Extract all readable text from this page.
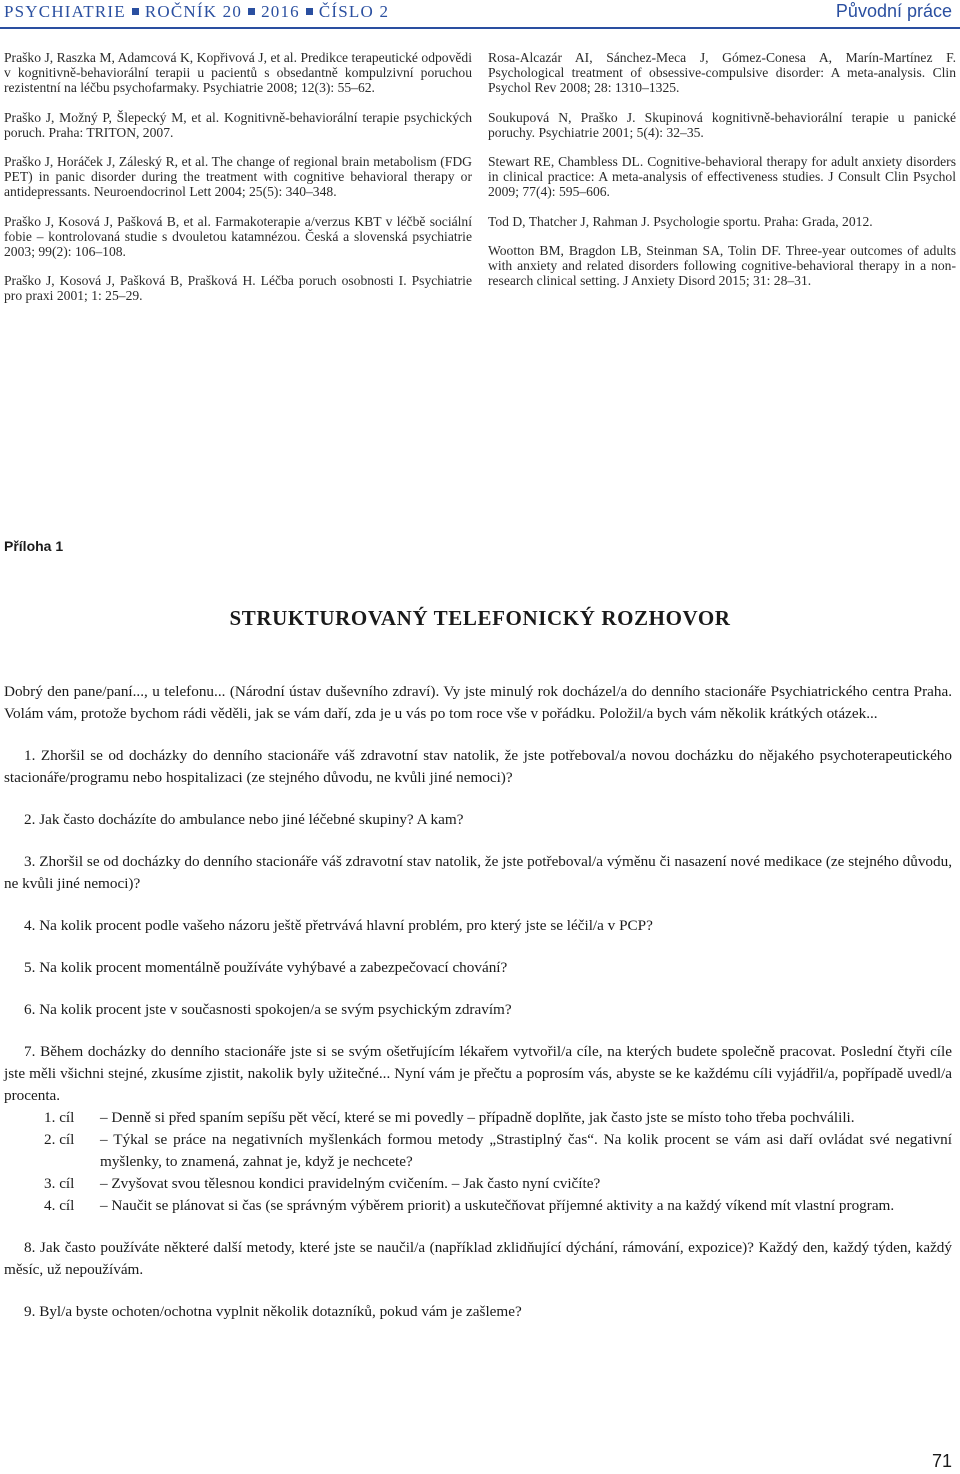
PSYCHIATRIE ROČNÍK 20 2016 ČÍSLO 2	Původní práce

Praško J, Raszka M, Adamcová K, Kopřivová J, et al. Predikce terapeutické odpovědi v kognitivně-behaviorální terapii u pacientů s obsedantně kompulzivní poruchou rezistentní na léčbu psychofarmaky. Psychiatrie 2008; 12(3): 55–62.

Praško J, Možný P, Šlepecký M, et al. Kognitivně-behaviorální terapie psychických poruch. Praha: TRITON, 2007.

Praško J, Horáček J, Záleský R, et al. The change of regional brain metabolism (FDG PET) in panic disorder during the treatment with cognitive behavioral therapy or antidepressants. Neuroendocrinol Lett 2004; 25(5): 340–348.

Praško J, Kosová J, Pašková B, et al. Farmakoterapie a/verzus KBT v léčbě sociální fobie – kontrolovaná studie s dvouletou katamnézou. Česká a slovenská psychiatrie 2003; 99(2): 106–108.

Praško J, Kosová J, Pašková B, Prašková H. Léčba poruch osobnosti I. Psychiatrie pro praxi 2001; 1: 25–29.

Rosa-Alcazár AI, Sánchez-Meca J, Gómez-Conesa A, Marín-Martínez F. Psychological treatment of obsessive-compulsive disorder: A meta-analysis. Clin Psychol Rev 2008; 28: 1310–1325.

Soukupová N, Praško J. Skupinová kognitivně-behaviorální terapie u panické poruchy. Psychiatrie 2001; 5(4): 32–35.

Stewart RE, Chambless DL. Cognitive-behavioral therapy for adult anxiety disorders in clinical practice: A meta-analysis of effectiveness studies. J Consult Clin Psychol 2009; 77(4): 595–606.

Tod D, Thatcher J, Rahman J. Psychologie sportu. Praha: Grada, 2012.

Wootton BM, Bragdon LB, Steinman SA, Tolin DF. Three-year outcomes of adults with anxiety and related disorders following cognitive-behavioral therapy in a non-research clinical setting. J Anxiety Disord 2015; 31: 28–31.

Příloha 1
STRUKTUROVANÝ TELEFONICKÝ ROZHOVOR

Dobrý den pane/paní..., u telefonu... (Národní ústav duševního zdraví). Vy jste minulý rok docházel/a do denního stacionáře Psychiatrického centra Praha. Volám vám, protože bychom rádi věděli, jak se vám daří, zda je u vás po tom roce vše v pořádku. Položil/a bych vám několik krátkých otázek...

1. Zhoršil se od docházky do denního stacionáře váš zdravotní stav natolik, že jste potřeboval/a novou docházku do nějakého psychoterapeutického stacionáře/programu nebo hospitalizaci (ze stejného důvodu, ne kvůli jiné nemoci)?

2. Jak často docházíte do ambulance nebo jiné léčebné skupiny? A kam?

3. Zhoršil se od docházky do denního stacionáře váš zdravotní stav natolik, že jste potřeboval/a výměnu či nasazení nové medikace (ze stejného důvodu, ne kvůli jiné nemoci)?

4. Na kolik procent podle vašeho názoru ještě přetrvává hlavní problém, pro který jste se léčil/a v PCP?

5. Na kolik procent momentálně používáte vyhýbavé a zabezpečovací chování?

6. Na kolik procent jste v současnosti spokojen/a se svým psychickým zdravím?

7. Během docházky do denního stacionáře jste si se svým ošetřujícím lékařem vytvořil/a cíle, na kterých budete společně pracovat. Poslední čtyři cíle jste měli všichni stejné, zkusíme zjistit, nakolik byly užitečné... Nyní vám je přečtu a poprosím vás, abyste se ke každému cíli vyjádřil/a, popřípadě uvedl/a procenta.

1. cíl – Denně si před spaním sepíšu pět věcí, které se mi povedly – případně doplňte, jak často jste se místo toho třeba pochválili.
2. cíl – Týkal se práce na negativních myšlenkách formou metody „Strastiplný čas“. Na kolik procent se vám asi daří ovládat své negativní myšlenky, to znamená, zahnat je, když je nechcete?
3. cíl – Zvyšovat svou tělesnou kondici pravidelným cvičením. – Jak často nyní cvičíte?
4. cíl – Naučit se plánovat si čas (se správným výběrem priorit) a uskutečňovat příjemné aktivity a na každý víkend mít vlastní program.

8. Jak často používáte některé další metody, které jste se naučil/a (například zklidňující dýchání, rámování, expozice)? Každý den, každý týden, každý měsíc, už nepoužívám.

9. Byl/a byste ochoten/ochotna vyplnit několik dotazníků, pokud vám je zašleme?

71
